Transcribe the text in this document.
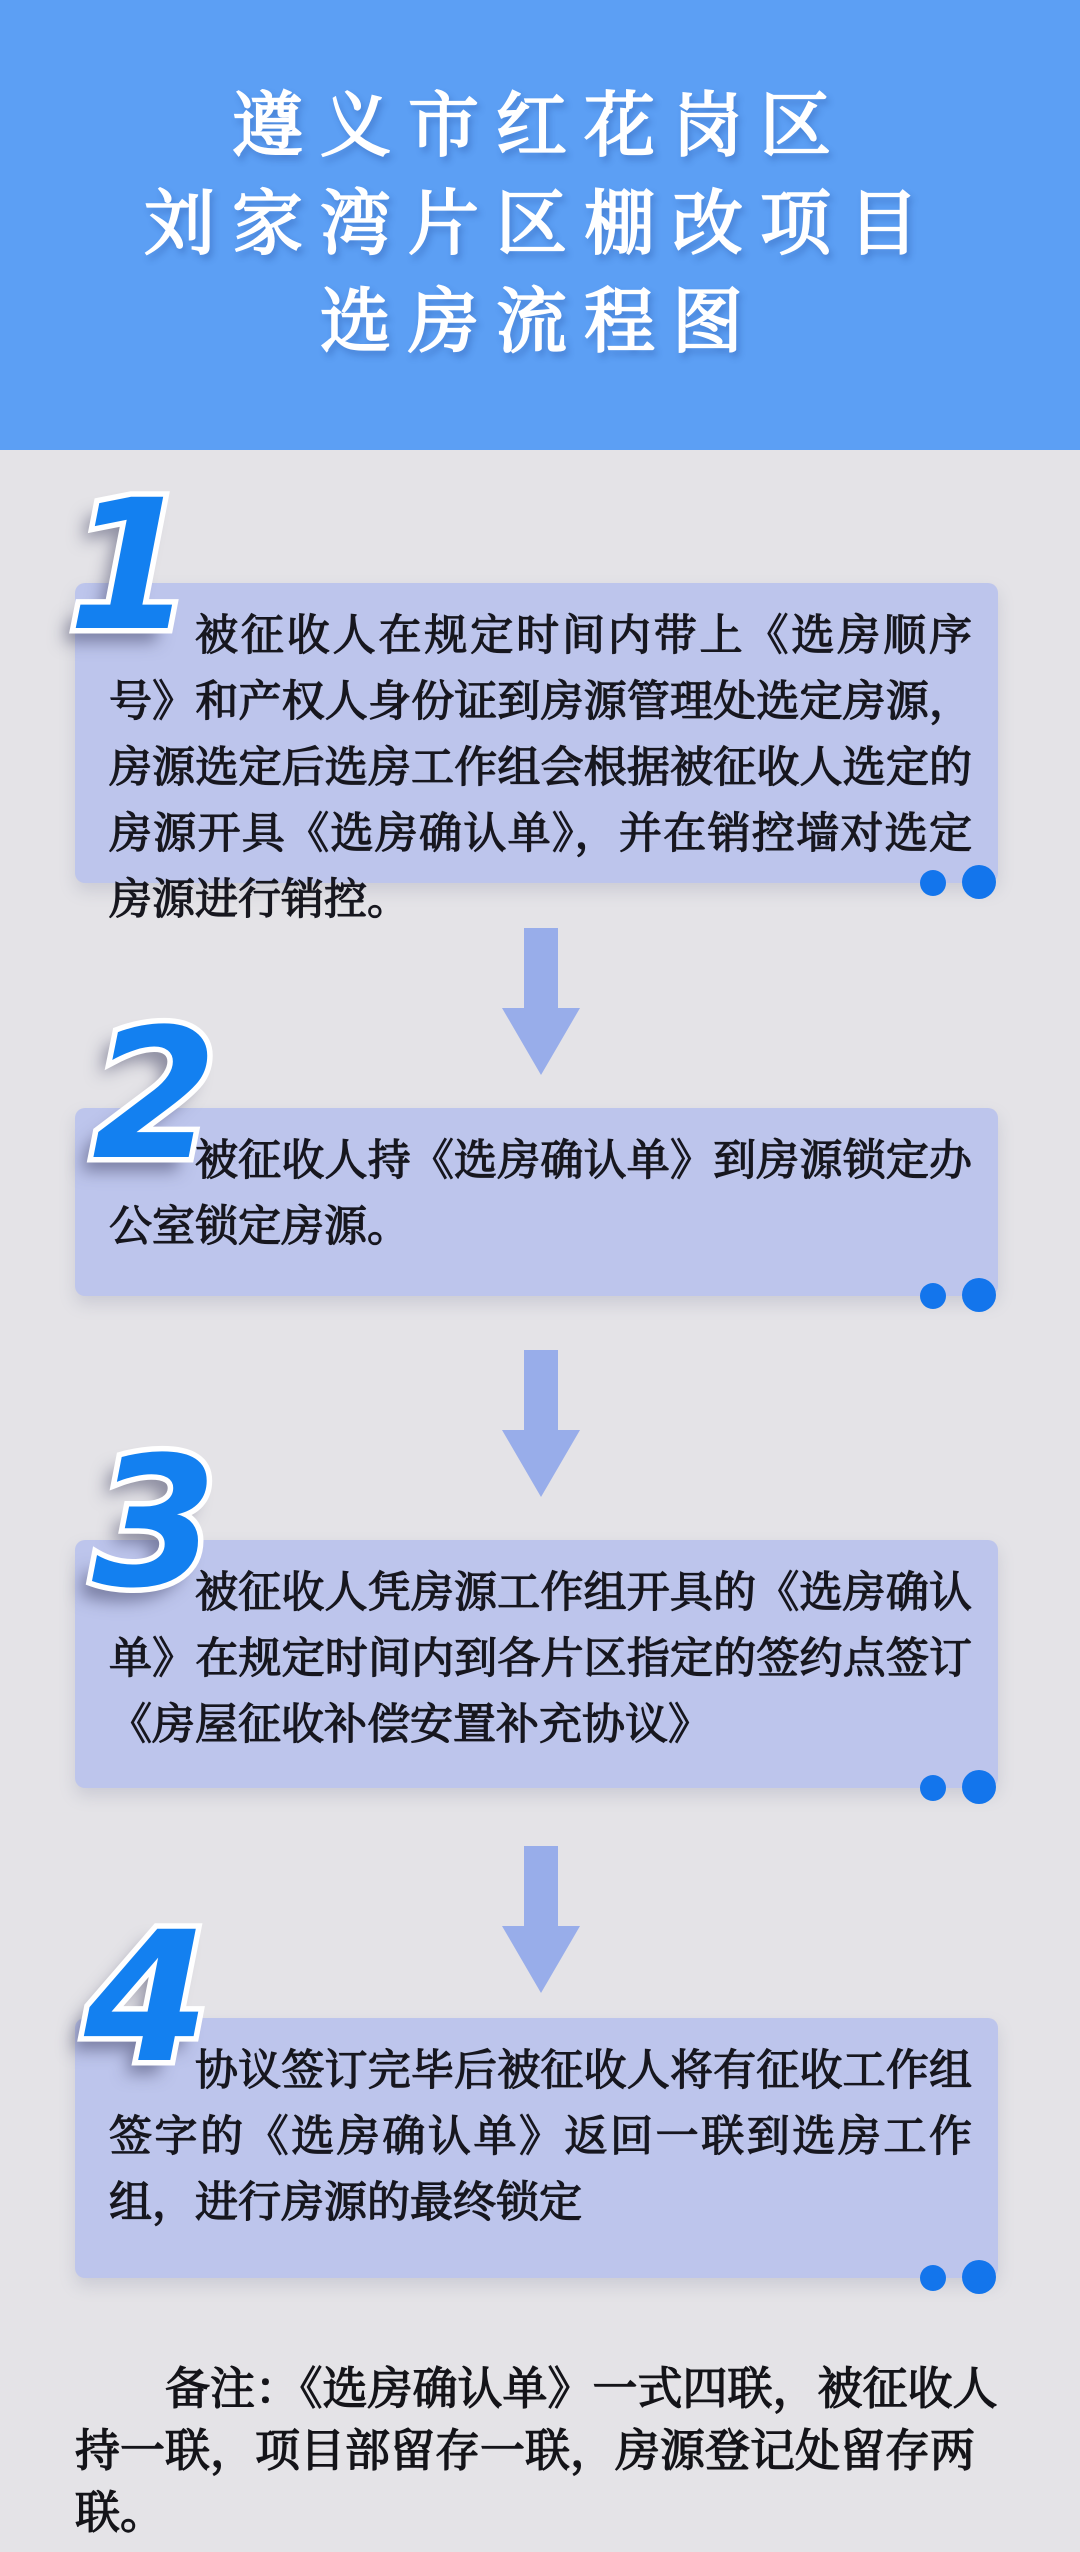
遵义市红花岗区
刘家湾片区棚改项目
选房流程图
1 1 被征收人在规定时间内带上《选房顺序号》和产权人身份证到房源管理处选定房源，房源选定后选房工作组会根据被征收人选定的房源开具《选房确认单》，并在销控墙对选定房源进行销控。

2 2

被征收人持《选房确认单》到房源锁定办公室锁定房源。

3 3

被征收人凭房源工作组开具的《选房确认单》在规定时间内到各片区指定的签约点签订《房屋征收补偿安置补充协议》

4 4

协议签订完毕后被征收人将有征收工作组签字的《选房确认单》返回一联到选房工作组，进行房源的最终锁定

备注：《选房确认单》一式四联，被征收人持一联，项目部留存一联，房源登记处留存两联。
